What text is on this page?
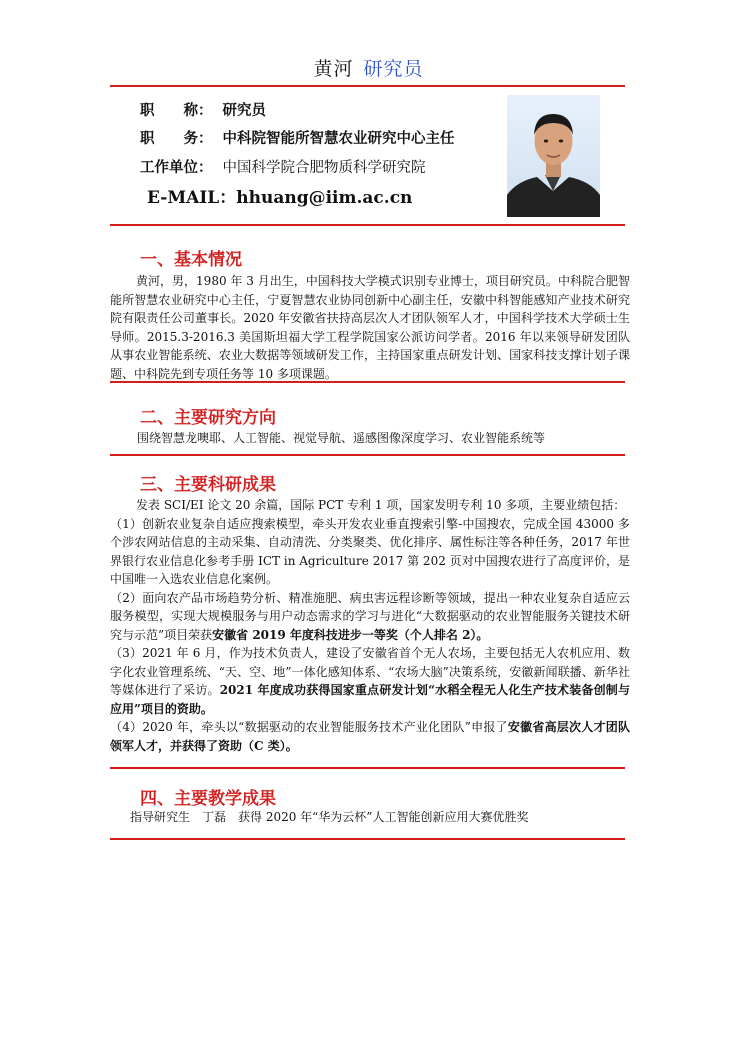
黄河 研究员
职　　称： 研究员
职　　务： 中科院智能所智慧农业研究中心主任
工作单位： 中国科学院合肥物质科学研究院
E-MAIL：hhuang@iim.ac.cn
一、基本情况

黄河，男，1980 年 3 月出生，中国科技大学模式识别专业博士，项目研究员。中科院合肥智能所智慧农业研究中心主任，宁夏智慧农业协同创新中心副主任，安徽中科智能感知产业技术研究院有限责任公司董事长。2020 年安徽省扶持高层次人才团队领军人才，中国科学技术大学硕士生导师。2015.3-2016.3 美国斯坦福大学工程学院国家公派访问学者。2016 年以来领导研发团队从事农业智能系统、农业大数据等领域研发工作，主持国家重点研发计划、国家科技支撑计划子课题、中科院先到专项任务等 10 多项课题。

二、主要研究方向

围绕智慧龙噢耶、人工智能、视觉导航、遥感图像深度学习、农业智能系统等

三、主要科研成果

发表 SCI/EI 论文 20 余篇，国际 PCT 专利 1 项，国家发明专利 10 多项，主要业绩包括：

（1）创新农业复杂自适应搜索模型，牵头开发农业垂直搜索引擎-中国搜农，完成全国 43000 多个涉农网站信息的主动采集、自动清洗、分类聚类、优化排序、属性标注等各种任务，2017 年世界银行农业信息化参考手册 ICT in Agriculture 2017 第 202 页对中国搜农进行了高度评价，是中国唯一入选农业信息化案例。

（2）面向农产品市场趋势分析、精准施肥、病虫害远程诊断等领域，提出一种农业复杂自适应云服务模型，实现大规模服务与用户动态需求的学习与进化“大数据驱动的农业智能服务关键技术研究与示范”项目荣获安徽省 2019 年度科技进步一等奖（个人排名 2）。

（3）2021 年 6 月，作为技术负责人，建设了安徽省首个无人农场，主要包括无人农机应用、数字化农业管理系统、“天、空、地”一体化感知体系、“农场大脑”决策系统，安徽新闻联播、新华社等媒体进行了采访。2021 年度成功获得国家重点研发计划“水稻全程无人化生产技术装备创制与应用”项目的资助。

（4）2020 年，牵头以“数据驱动的农业智能服务技术产业化团队”申报了安徽省高层次人才团队领军人才，并获得了资助（C 类）。

四、主要教学成果

指导研究生　丁磊　获得 2020 年“华为云杯”人工智能创新应用大赛优胜奖
